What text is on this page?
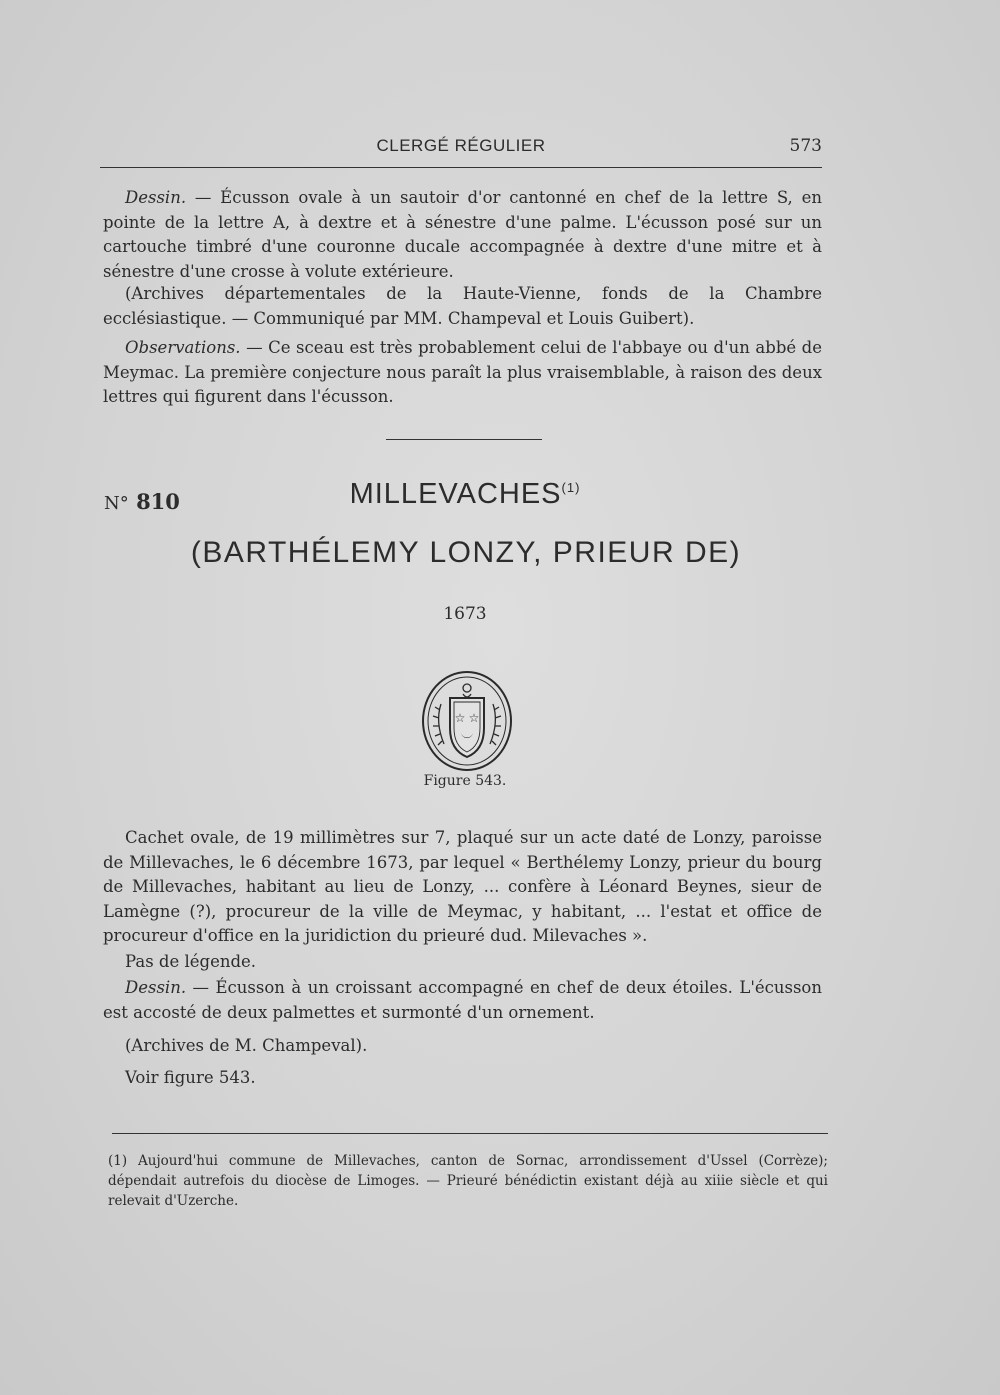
CLERGÉ RÉGULIER	573

Dessin. — Écusson ovale à un sautoir d'or cantonné en chef de la lettre S, en pointe de la lettre A, à dextre et à sénestre d'une palme. L'écusson posé sur un cartouche timbré d'une couronne ducale accompagnée à dextre d'une mitre et à sénestre d'une crosse à volute extérieure.

(Archives départementales de la Haute-Vienne, fonds de la Chambre ecclésiastique. — Communiqué par MM. Champeval et Louis Guibert).

Observations. — Ce sceau est très probablement celui de l'abbaye ou d'un abbé de Meymac. La première conjecture nous paraît la plus vraisemblable, à raison des deux lettres qui figurent dans l'écusson.

N° 810	MILLEVACHES$^{(1)}$
(BARTHÉLEMY LONZY, PRIEUR DE)
1673
☆ ☆
Figure 543.

Cachet ovale, de 19 millimètres sur 7, plaqué sur un acte daté de Lonzy, paroisse de Millevaches, le 6 décembre 1673, par lequel « Berthélemy Lonzy, prieur du bourg de Millevaches, habitant au lieu de Lonzy, ... confère à Léonard Beynes, sieur de Lamègne (?), procureur de la ville de Meymac, y habitant, ... l'estat et office de procureur d'office en la juridiction du prieuré dud. Milevaches ».

Pas de légende.

Dessin. — Écusson à un croissant accompagné en chef de deux étoiles. L'écusson est accosté de deux palmettes et surmonté d'un ornement.

(Archives de M. Champeval).

Voir figure 543.

(1) Aujourd'hui commune de Millevaches, canton de Sornac, arrondissement d'Ussel (Corrèze); dépendait autrefois du diocèse de Limoges. — Prieuré bénédictin existant déjà au xiiie siècle et qui relevait d'Uzerche.
